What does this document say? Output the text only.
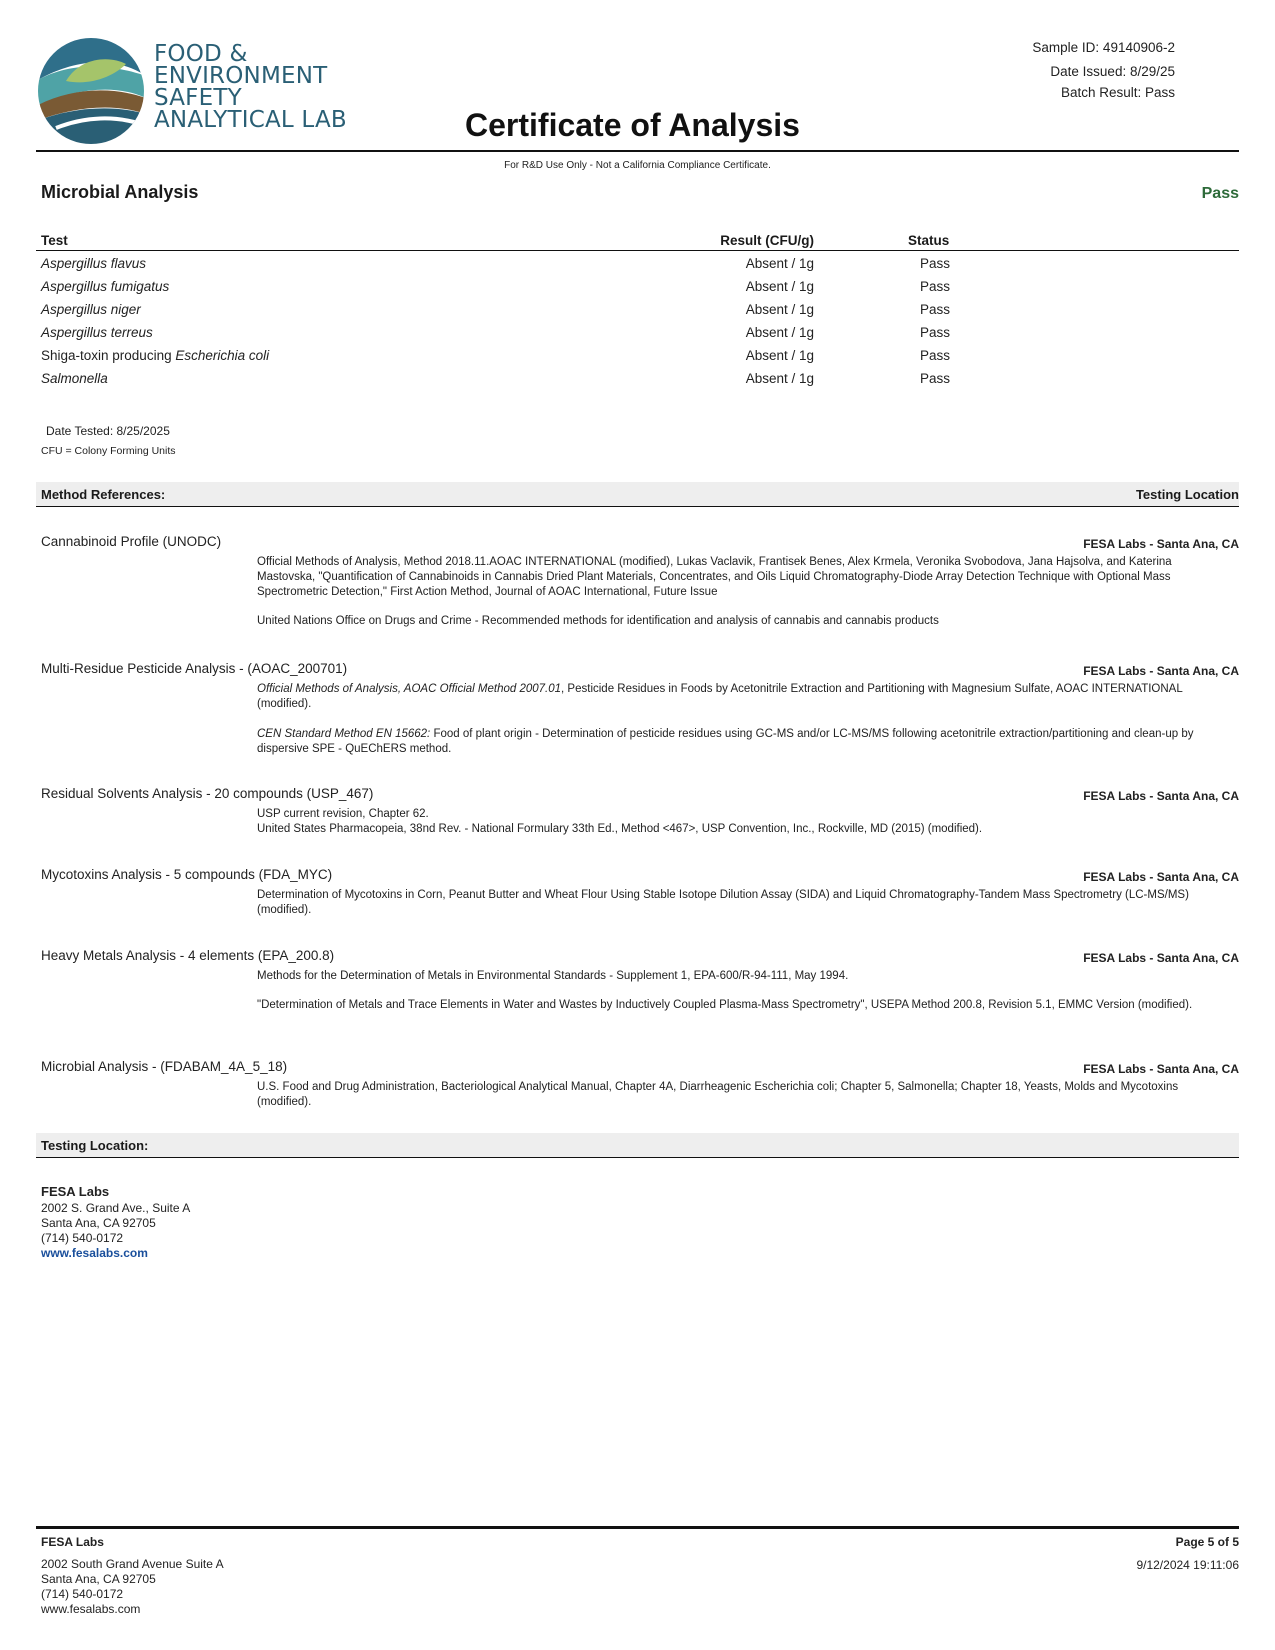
FOOD &
ENVIRONMENT
SAFETY
ANALYTICAL LAB
Sample ID: 49140906-2
Date Issued: 8/29/25
Batch Result: Pass
Certificate of Analysis
For R&D Use Only - Not a California Compliance Certificate.
Microbial Analysis	Pass
Test	Result (CFU/g)	Status
Aspergillus flavus	Absent / 1g	Pass
Aspergillus fumigatus	Absent / 1g	Pass
Aspergillus niger	Absent / 1g	Pass
Aspergillus terreus	Absent / 1g	Pass
Shiga-toxin producing Escherichia coli	Absent / 1g	Pass
Salmonella	Absent / 1g	Pass
Date Tested: 8/25/2025
CFU = Colony Forming Units
Method References:	Testing Location
Cannabinoid Profile (UNODC)	FESA Labs - Santa Ana, CA

Official Methods of Analysis, Method 2018.11.AOAC INTERNATIONAL (modified), Lukas Vaclavik, Frantisek Benes, Alex Krmela, Veronika Svobodova, Jana Hajsolva, and Katerina Mastovska, "Quantification of Cannabinoids in Cannabis Dried Plant Materials, Concentrates, and Oils Liquid Chromatography-Diode Array Detection Technique with Optional Mass Spectrometric Detection," First Action Method, Journal of AOAC International, Future Issue

United Nations Office on Drugs and Crime - Recommended methods for identification and analysis of cannabis and cannabis products

Multi-Residue Pesticide Analysis - (AOAC_200701)	FESA Labs - Santa Ana, CA

Official Methods of Analysis, AOAC Official Method 2007.01, Pesticide Residues in Foods by Acetonitrile Extraction and Partitioning with Magnesium Sulfate, AOAC INTERNATIONAL (modified).

CEN Standard Method EN 15662: Food of plant origin - Determination of pesticide residues using GC-MS and/or LC-MS/MS following acetonitrile extraction/partitioning and clean-up by dispersive SPE - QuEChERS method.

Residual Solvents Analysis - 20 compounds (USP_467)	FESA Labs - Santa Ana, CA

USP current revision, Chapter 62.

United States Pharmacopeia, 38nd Rev. - National Formulary 33th Ed., Method <467>, USP Convention, Inc., Rockville, MD (2015) (modified).

Mycotoxins Analysis - 5 compounds (FDA_MYC)	FESA Labs - Santa Ana, CA

Determination of Mycotoxins in Corn, Peanut Butter and Wheat Flour Using Stable Isotope Dilution Assay (SIDA) and Liquid Chromatography-Tandem Mass Spectrometry (LC-MS/MS) (modified).

Heavy Metals Analysis - 4 elements (EPA_200.8)	FESA Labs - Santa Ana, CA

Methods for the Determination of Metals in Environmental Standards - Supplement 1, EPA-600/R-94-111, May 1994.

"Determination of Metals and Trace Elements in Water and Wastes by Inductively Coupled Plasma-Mass Spectrometry", USEPA Method 200.8, Revision 5.1, EMMC Version (modified).

Microbial Analysis - (FDABAM_4A_5_18)	FESA Labs - Santa Ana, CA

U.S. Food and Drug Administration, Bacteriological Analytical Manual, Chapter 4A, Diarrheagenic Escherichia coli; Chapter 5, Salmonella; Chapter 18, Yeasts, Molds and Mycotoxins (modified).

Testing Location:
FESA Labs
2002 S. Grand Ave., Suite A
Santa Ana, CA 92705
(714) 540-0172
www.fesalabs.com
FESA Labs
2002 South Grand Avenue Suite A
Santa Ana, CA 92705
(714) 540-0172
www.fesalabs.com
Page 5 of 5
9/12/2024 19:11:06
